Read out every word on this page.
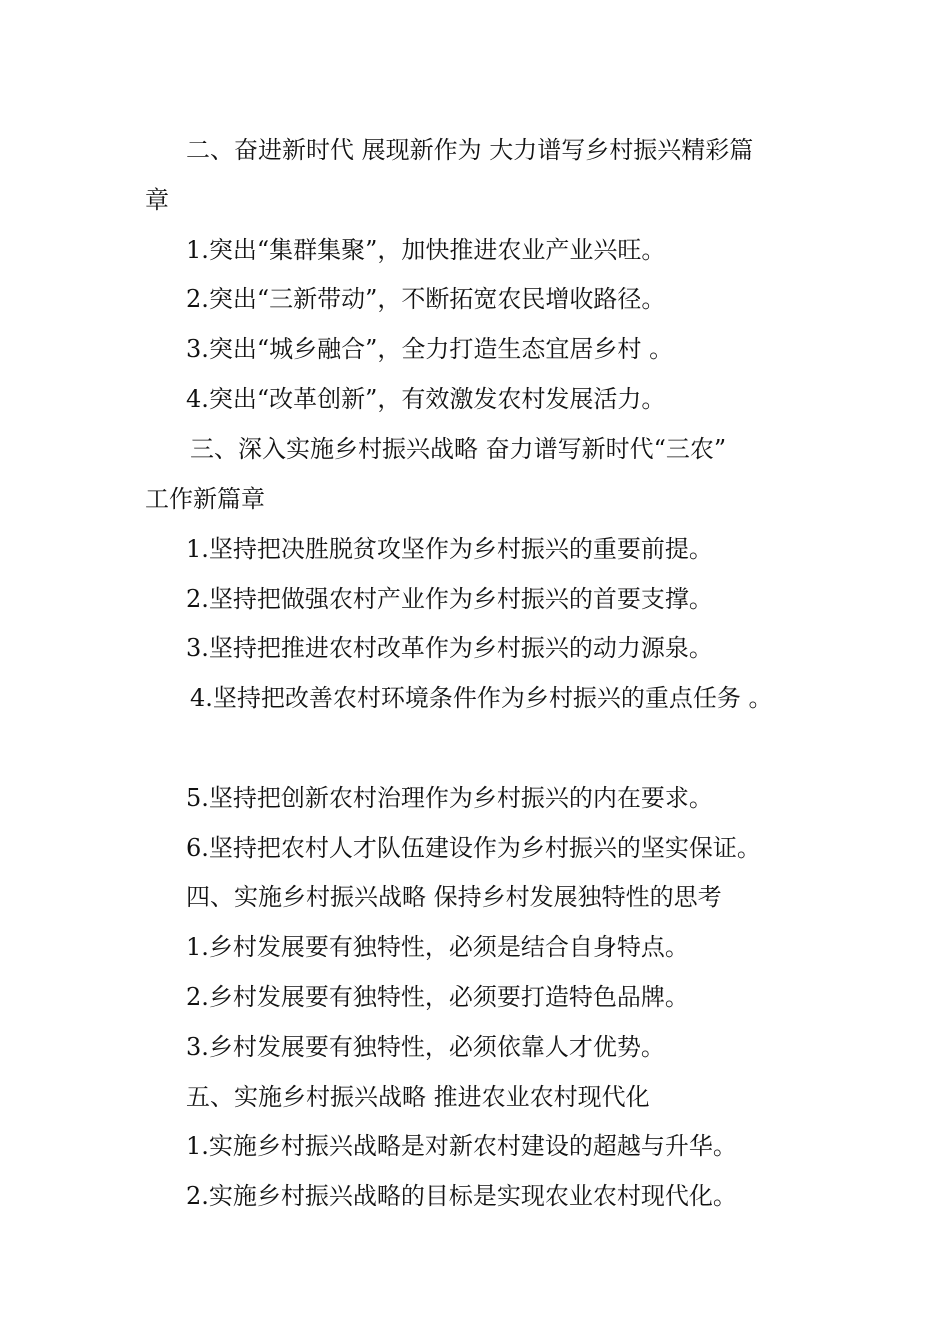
二、奋进新时代 展现新作为 大力谱写乡村振兴精彩篇
章
1.突出“集群集聚”，加快推进农业产业兴旺。
2.突出“三新带动”，不断拓宽农民增收路径。
3.突出“城乡融合”，全力打造生态宜居乡村 。
4.突出“改革创新”，有效激发农村发展活力。
三、深入实施乡村振兴战略 奋力谱写新时代“三农”
工作新篇章
1.坚持把决胜脱贫攻坚作为乡村振兴的重要前提。
2.坚持把做强农村产业作为乡村振兴的首要支撑。
3.坚持把推进农村改革作为乡村振兴的动力源泉。
4.坚持把改善农村环境条件作为乡村振兴的重点任务 。
5.坚持把创新农村治理作为乡村振兴的内在要求。
6.坚持把农村人才队伍建设作为乡村振兴的坚实保证。
四、实施乡村振兴战略 保持乡村发展独特性的思考
1.乡村发展要有独特性，必须是结合自身特点。
2.乡村发展要有独特性，必须要打造特色品牌。
3.乡村发展要有独特性，必须依靠人才优势。
五、实施乡村振兴战略 推进农业农村现代化
1.实施乡村振兴战略是对新农村建设的超越与升华。
2.实施乡村振兴战略的目标是实现农业农村现代化。
